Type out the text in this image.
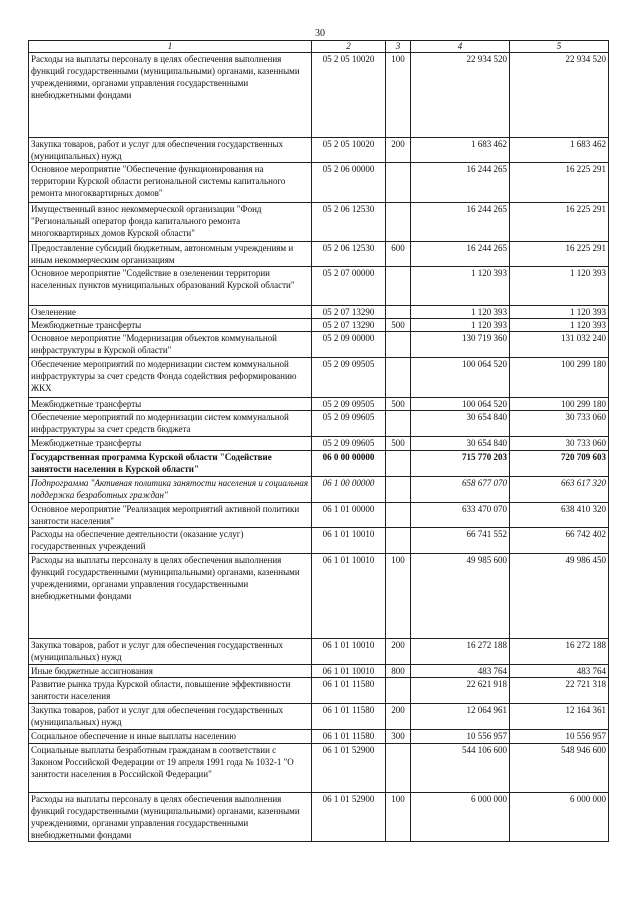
30
1	2	3	4	5
Расходы на выплаты персоналу в целях обеспечения выполнения функций государственными (муниципальными) органами, казенными учреждениями, органами управления государственными внебюджетными фондами	05 2 05 10020	100	22 934 520	22 934 520
Закупка товаров, работ и услуг для обеспечения государственных (муниципальных) нужд	05 2 05 10020	200	1 683 462	1 683 462
Основное мероприятие "Обеспечение функционирования на территории Курской области региональной системы капитального ремонта многоквартирных домов"	05 2 06 00000		16 244 265	16 225 291
Имущественный взнос некоммерческой организации "Фонд "Региональный оператор фонда капитального ремонта многоквартирных домов Курской области"	05 2 06 12530		16 244 265	16 225 291
Предоставление субсидий бюджетным, автономным учреждениям и иным некоммерческим организациям	05 2 06 12530	600	16 244 265	16 225 291
Основное мероприятие "Содействие в озеленении территории населенных пунктов муниципальных образований Курской области"	05 2 07 00000		1 120 393	1 120 393
Озеленение	05 2 07 13290		1 120 393	1 120 393
Межбюджетные трансферты	05 2 07 13290	500	1 120 393	1 120 393
Основное мероприятие "Модернизация объектов коммунальной инфраструктуры в Курской области"	05 2 09 00000		130 719 360	131 032 240
Обеспечение мероприятий по модернизации систем коммунальной инфраструктуры за счет средств Фонда содействия реформированию ЖКХ	05 2 09 09505		100 064 520	100 299 180
Межбюджетные трансферты	05 2 09 09505	500	100 064 520	100 299 180
Обеспечение мероприятий по модернизации систем коммунальной инфраструктуры за счет средств бюджета	05 2 09 09605		30 654 840	30 733 060
Межбюджетные трансферты	05 2 09 09605	500	30 654 840	30 733 060
Государственная программа Курской области "Содействие занятости населения в Курской области"	06 0 00 00000		715 770 203	720 709 603
Подпрограмма "Активная политика занятости населения и социальная поддержка безработных граждан"	06 1 00 00000		658 677 070	663 617 320
Основное мероприятие "Реализация мероприятий активной политики занятости населения"	06 1 01 00000		633 470 070	638 410 320
Расходы на обеспечение деятельности (оказание услуг) государственных учреждений	06 1 01 10010		66 741 552	66 742 402
Расходы на выплаты персоналу в целях обеспечения выполнения функций государственными (муниципальными) органами, казенными учреждениями, органами управления государственными внебюджетными фондами	06 1 01 10010	100	49 985 600	49 986 450
Закупка товаров, работ и услуг для обеспечения государственных (муниципальных) нужд	06 1 01 10010	200	16 272 188	16 272 188
Иные бюджетные ассигнования	06 1 01 10010	800	483 764	483 764
Развитие рынка труда Курской области, повышение эффективности занятости населения	06 1 01 11580		22 621 918	22 721 318
Закупка товаров, работ и услуг для обеспечения государственных (муниципальных) нужд	06 1 01 11580	200	12 064 961	12 164 361
Социальное обеспечение и иные выплаты населению	06 1 01 11580	300	10 556 957	10 556 957
Социальные выплаты безработным гражданам в соответствии с Законом Российской Федерации от 19 апреля 1991 года № 1032-1 "О занятости населения в Российской Федерации"	06 1 01 52900		544 106 600	548 946 600
Расходы на выплаты персоналу в целях обеспечения выполнения функций государственными (муниципальными) органами, казенными учреждениями, органами управления государственными внебюджетными фондами	06 1 01 52900	100	6 000 000	6 000 000
